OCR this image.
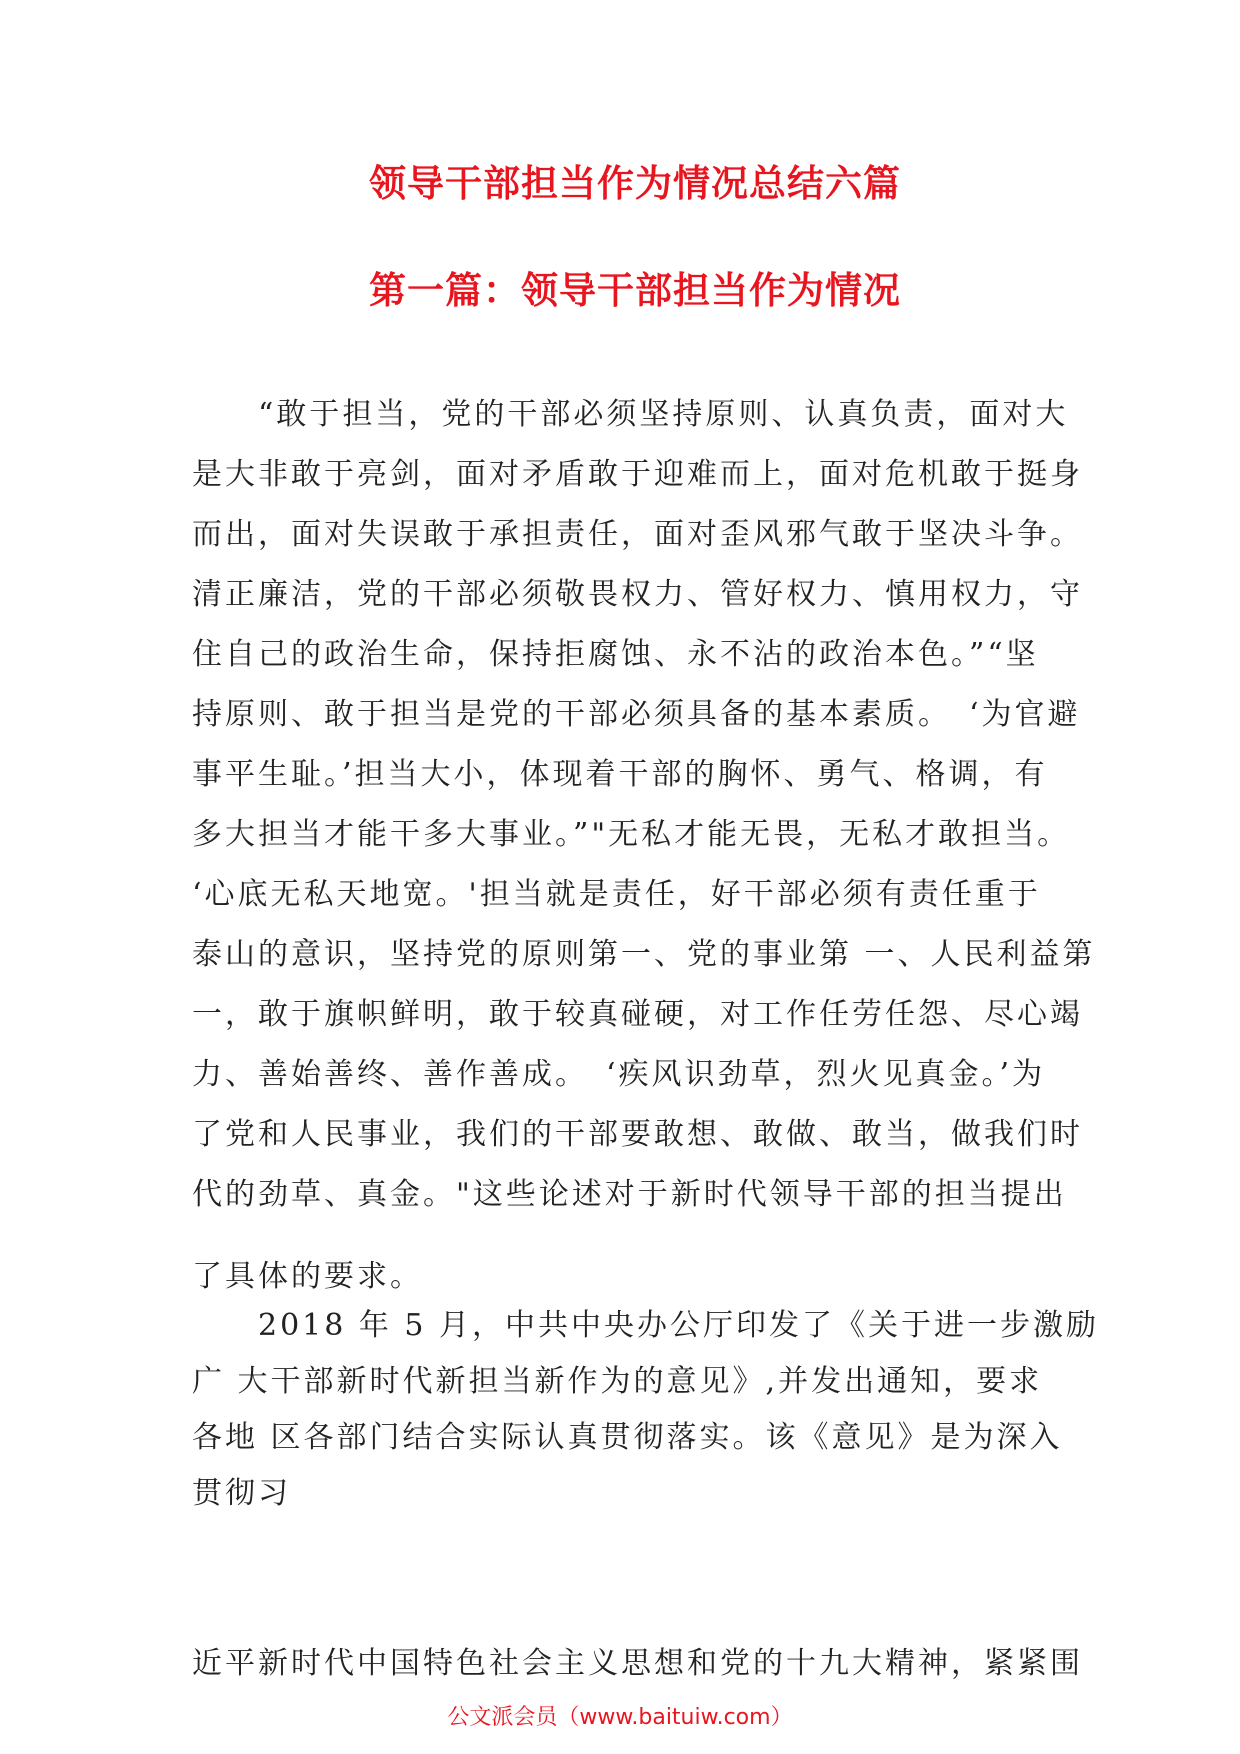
领导干部担当作为情况总结六篇
第一篇：领导干部担当作为情况
　　“敢于担当，党的干部必须坚持原则、认真负责，面对大
是大非敢于亮剑，面对矛盾敢于迎难而上，面对危机敢于挺身
而出，面对失误敢于承担责任，面对歪风邪气敢于坚决斗争。
清正廉洁，党的干部必须敬畏权力、管好权力、慎用权力，守
住自己的政治生命，保持拒腐蚀、永不沾的政治本色。”“坚
持原则、敢于担当是党的干部必须具备的基本素质。　‘为官避
事平生耻。’担当大小，体现着干部的胸怀、勇气、格调，有
多大担当才能干多大事业。”"无私才能无畏，无私才敢担当。
‘心底无私天地宽。'担当就是责任，好干部必须有责任重于
泰山的意识，坚持党的原则第一、党的事业第 一、人民利益第
一，敢于旗帜鲜明，敢于较真碰硬，对工作任劳任怨、尽心竭
力、善始善终、善作善成。　‘疾风识劲草，烈火见真金。’为
了党和人民事业，我们的干部要敢想、敢做、敢当，做我们时
代的劲草、真金。"这些论述对于新时代领导干部的担当提出
了具体的要求。
　　2018 年 5 月，中共中央办公厅印发了《关于进一步激励
广 大干部新时代新担当新作为的意见》,并发出通知，要求
各地 区各部门结合实际认真贯彻落实。该《意见》是为深入
贯彻习
近平新时代中国特色社会主义思想和党的十九大精神，紧紧围
公文派会员（www.baituiw.com）
